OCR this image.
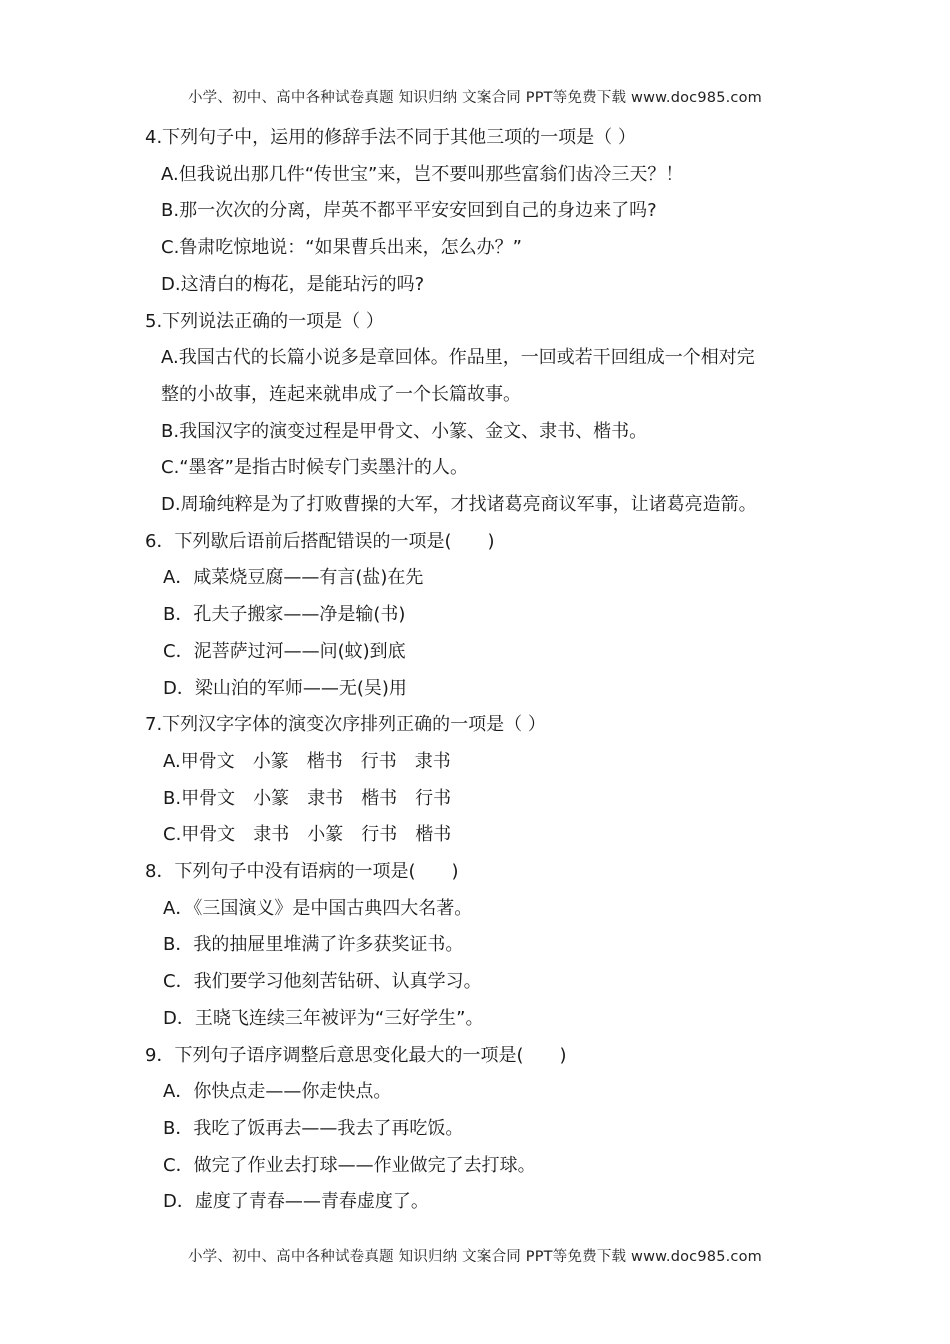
小学、初中、高中各种试卷真题 知识归纳 文案合同 PPT等免费下载 www.doc985.com
4.下列句子中，运用的修辞手法不同于其他三项的一项是（ ）
A.但我说出那几件“传世宝”来，岂不要叫那些富翁们齿冷三天？！
B.那一次次的分离，岸英不都平平安安回到自己的身边来了吗?
C.鲁肃吃惊地说：“如果曹兵出来，怎么办？”
D.这清白的梅花，是能玷污的吗?
5.下列说法正确的一项是（ ）
A.我国古代的长篇小说多是章回体。作品里，一回或若干回组成一个相对完
整的小故事，连起来就串成了一个长篇故事。
B.我国汉字的演变过程是甲骨文、小篆、金文、隶书、楷书。
C.“墨客”是指古时候专门卖墨汁的人。
D.周瑜纯粹是为了打败曹操的大军，才找诸葛亮商议军事，让诸葛亮造箭。
6．下列歇后语前后搭配错误的一项是(　　)
A．咸菜烧豆腐——有言(盐)在先
B．孔夫子搬家——净是输(书)
C．泥菩萨过河——问(蚊)到底
D．梁山泊的军师——无(吴)用
7.下列汉字字体的演变次序排列正确的一项是（ ）
A.甲骨文　小篆　楷书　行书　隶书
B.甲骨文　小篆　隶书　楷书　行书
C.甲骨文　隶书　小篆　行书　楷书
8．下列句子中没有语病的一项是(　　)
A．《三国演义》是中国古典四大名著。
B．我的抽屉里堆满了许多获奖证书。
C．我们要学习他刻苦钻研、认真学习。
D．王晓飞连续三年被评为“三好学生”。
9．下列句子语序调整后意思变化最大的一项是(　　)
A．你快点走——你走快点。
B．我吃了饭再去——我去了再吃饭。
C．做完了作业去打球——作业做完了去打球。
D．虚度了青春——青春虚度了。
小学、初中、高中各种试卷真题 知识归纳 文案合同 PPT等免费下载 www.doc985.com
